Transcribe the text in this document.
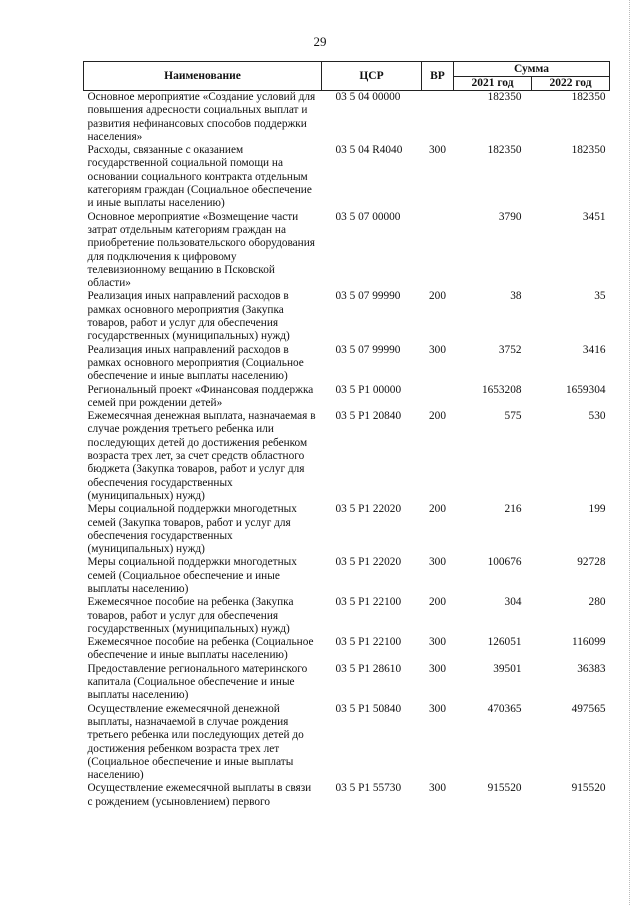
29
Наименование	ЦСР	ВР	Сумма	
			2021 год	2022 год
Основное мероприятие «Создание условий для повышения адресности социальных выплат и развития нефинансовых способов поддержки населения»	03 5 04 00000		182350	182350
Расходы, связанные с оказанием государственной социальной помощи на основании социального контракта отдельным категориям граждан (Социальное обеспечение и иные выплаты населению)	03 5 04 R4040	300	182350	182350
Основное мероприятие «Возмещение части затрат отдельным категориям граждан на приобретение пользовательского оборудования для подключения к цифровому телевизионному вещанию в Псковской области»	03 5 07 00000		3790	3451
Реализация иных направлений расходов в рамках основного мероприятия (Закупка товаров, работ и услуг для обеспечения государственных (муниципальных) нужд)	03 5 07 99990	200	38	35
Реализация иных направлений расходов в рамках основного мероприятия (Социальное обеспечение и иные выплаты населению)	03 5 07 99990	300	3752	3416
Региональный проект «Финансовая поддержка семей при рождении детей»	03 5 P1 00000		1653208	1659304
Ежемесячная денежная выплата, назначаемая в случае рождения третьего ребенка или последующих детей до достижения ребенком возраста трех лет, за счет средств областного бюджета (Закупка товаров, работ и услуг для обеспечения государственных (муниципальных) нужд)	03 5 P1 20840	200	575	530
Меры социальной поддержки многодетных семей (Закупка товаров, работ и услуг для обеспечения государственных (муниципальных) нужд)	03 5 P1 22020	200	216	199
Меры социальной поддержки многодетных семей (Социальное обеспечение и иные выплаты населению)	03 5 P1 22020	300	100676	92728
Ежемесячное пособие на ребенка (Закупка товаров, работ и услуг для обеспечения государственных (муниципальных) нужд)	03 5 P1 22100	200	304	280
Ежемесячное пособие на ребенка (Социальное обеспечение и иные выплаты населению)	03 5 P1 22100	300	126051	116099
Предоставление регионального материнского капитала (Социальное обеспечение и иные выплаты населению)	03 5 P1 28610	300	39501	36383
Осуществление ежемесячной денежной выплаты, назначаемой в случае рождения третьего ребенка или последующих детей до достижения ребенком возраста трех лет (Социальное обеспечение и иные выплаты населению)	03 5 P1 50840	300	470365	497565
Осуществление ежемесячной выплаты в связи с рождением (усыновлением) первого	03 5 P1 55730	300	915520	915520
